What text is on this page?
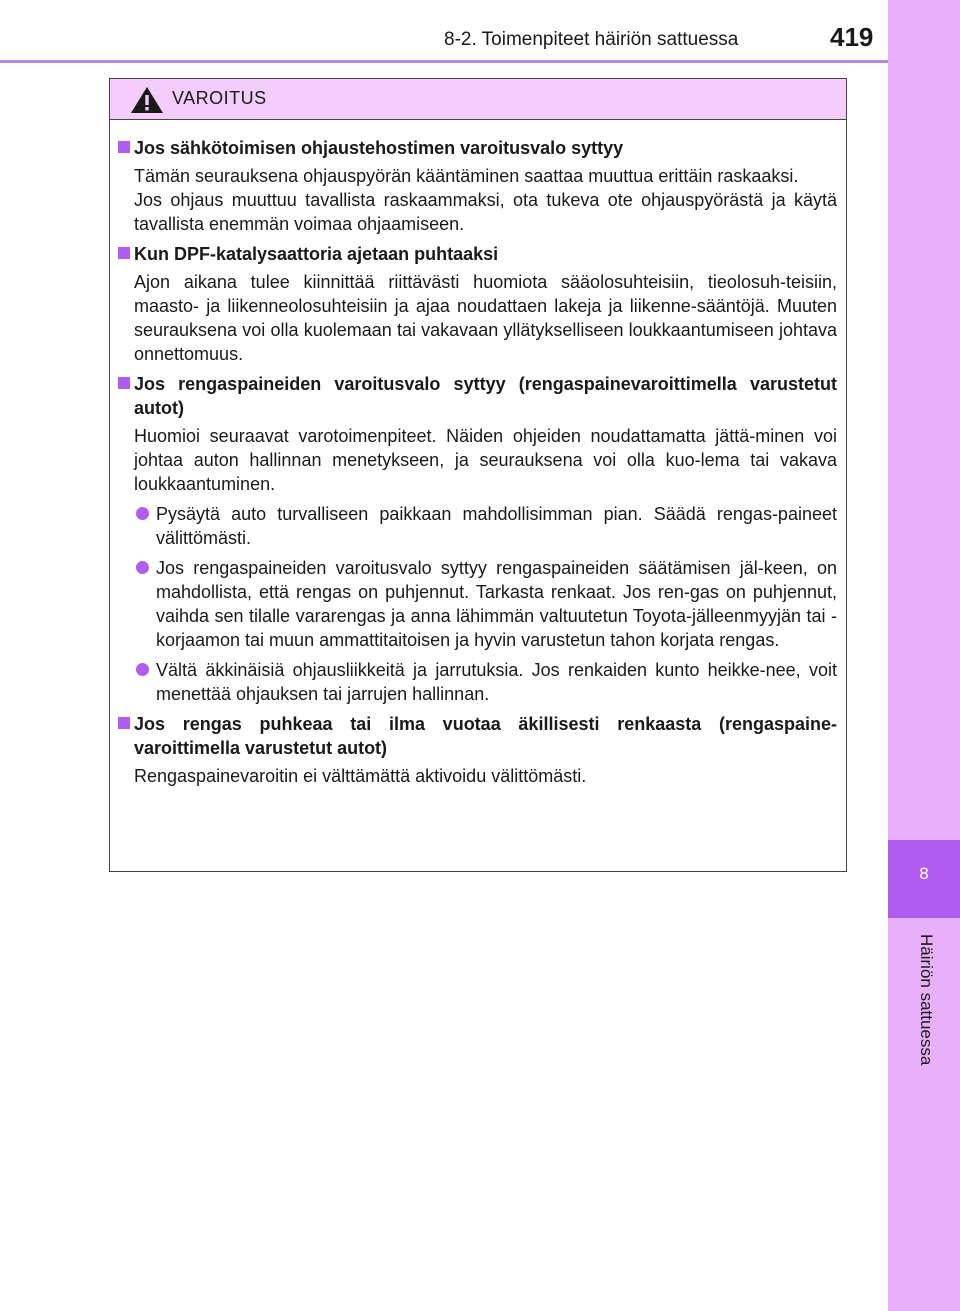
8-2. Toimenpiteet häiriön sattuessa	419
8
Häiriön sattuessa
VAROITUS
Jos sähkötoimisen ohjaustehostimen varoitusvalo syttyy

Tämän seurauksena ohjauspyörän kääntäminen saattaa muuttua erittäin raskaaksi.

Jos ohjaus muuttuu tavallista raskaammaksi, ota tukeva ote ohjauspyörästä ja käytä tavallista enemmän voimaa ohjaamiseen.

Kun DPF-katalysaattoria ajetaan puhtaaksi

Ajon aikana tulee kiinnittää riittävästi huomiota sääolosuhteisiin, tieolosuh-teisiin, maasto- ja liikenneolosuhteisiin ja ajaa noudattaen lakeja ja liikenne-sääntöjä. Muuten seurauksena voi olla kuolemaan tai vakavaan yllätykselliseen loukkaantumiseen johtava onnettomuus.

Jos rengaspaineiden varoitusvalo syttyy (rengaspainevaroittimella varustetut autot)

Huomioi seuraavat varotoimenpiteet. Näiden ohjeiden noudattamatta jättä-minen voi johtaa auton hallinnan menetykseen, ja seurauksena voi olla kuo-lema tai vakava loukkaantuminen.

Pysäytä auto turvalliseen paikkaan mahdollisimman pian. Säädä rengas-paineet välittömästi.
Jos rengaspaineiden varoitusvalo syttyy rengaspaineiden säätämisen jäl-keen, on mahdollista, että rengas on puhjennut. Tarkasta renkaat. Jos ren-gas on puhjennut, vaihda sen tilalle vararengas ja anna lähimmän valtuutetun Toyota-jälleenmyyjän tai -korjaamon tai muun ammattitaitoisen ja hyvin varustetun tahon korjata rengas.
Vältä äkkinäisiä ohjausliikkeitä ja jarrutuksia. Jos renkaiden kunto heikke-nee, voit menettää ohjauksen tai jarrujen hallinnan.
Jos rengas puhkeaa tai ilma vuotaa äkillisesti renkaasta (rengaspaine-varoittimella varustetut autot)

Rengaspainevaroitin ei välttämättä aktivoidu välittömästi.
